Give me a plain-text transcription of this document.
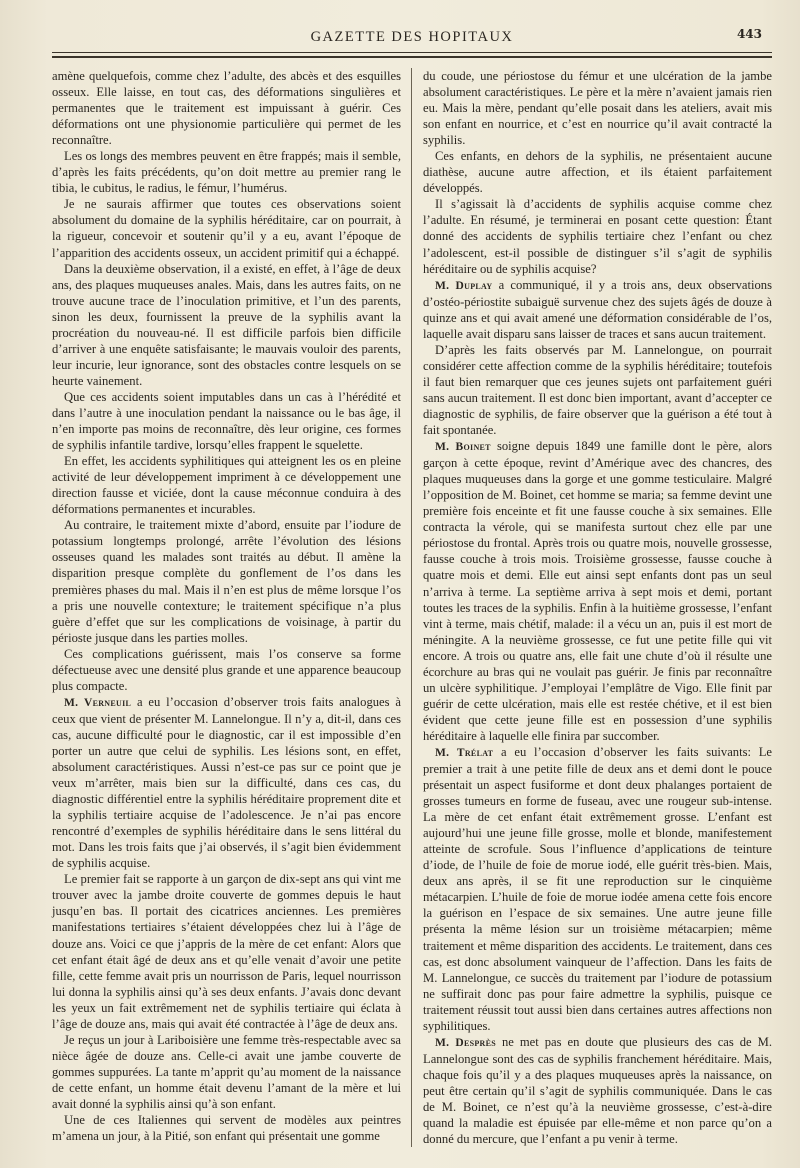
GAZETTE DES HOPITAUX	443

amène quelquefois, comme chez l’adulte, des abcès et des esquilles osseux. Elle laisse, en tout cas, des déformations singulières et permanentes que le traitement est impuissant à guérir. Ces déformations ont une physionomie particulière qui permet de les reconnaître.

Les os longs des membres peuvent en être frappés; mais il semble, d’après les faits précédents, qu’on doit mettre au premier rang le tibia, le cubitus, le radius, le fémur, l’humérus.

Je ne saurais affirmer que toutes ces observations soient absolument du domaine de la syphilis héréditaire, car on pourrait, à la rigueur, concevoir et soutenir qu’il y a eu, avant l’époque de l’apparition des accidents osseux, un accident primitif qui a échappé.

Dans la deuxième observation, il a existé, en effet, à l’âge de deux ans, des plaques muqueuses anales. Mais, dans les autres faits, on ne trouve aucune trace de l’inoculation primitive, et l’un des parents, sinon les deux, fournissent la preuve de la syphilis avant la procréation du nouveau-né. Il est difficile parfois bien difficile d’arriver à une enquête satisfaisante; le mauvais vouloir des parents, leur incurie, leur ignorance, sont des obstacles contre lesquels on se heurte vainement.

Que ces accidents soient imputables dans un cas à l’hérédité et dans l’autre à une inoculation pendant la naissance ou le bas âge, il n’en importe pas moins de reconnaître, dès leur origine, ces formes de syphilis infantile tardive, lorsqu’elles frappent le squelette.

En effet, les accidents syphilitiques qui atteignent les os en pleine activité de leur développement impriment à ce développement une direction fausse et viciée, dont la cause méconnue conduira à des déformations permanentes et incurables.

Au contraire, le traitement mixte d’abord, ensuite par l’iodure de potassium longtemps prolongé, arrête l’évolution des lésions osseuses quand les malades sont traités au début. Il amène la disparition presque complète du gonflement de l’os dans les premières phases du mal. Mais il n’en est plus de même lorsque l’os a pris une nouvelle contexture; le traitement spécifique n’a plus guère d’effet que sur les complications de voisinage, à partir du périoste jusque dans les parties molles.

Ces complications guérissent, mais l’os conserve sa forme défectueuse avec une densité plus grande et une apparence beaucoup plus compacte.

M. Verneuil a eu l’occasion d’observer trois faits analogues à ceux que vient de présenter M. Lannelongue. Il n’y a, dit-il, dans ces cas, aucune difficulté pour le diagnostic, car il est impossible d’en porter un autre que celui de syphilis. Les lésions sont, en effet, absolument caractéristiques. Aussi n’est-ce pas sur ce point que je veux m’arrêter, mais bien sur la difficulté, dans ces cas, du diagnostic différentiel entre la syphilis héréditaire proprement dite et la syphilis tertiaire acquise de l’adolescence. Je n’ai pas encore rencontré d’exemples de syphilis héréditaire dans le sens littéral du mot. Dans les trois faits que j’ai observés, il s’agit bien évidemment de syphilis acquise.

Le premier fait se rapporte à un garçon de dix-sept ans qui vint me trouver avec la jambe droite couverte de gommes depuis le haut jusqu’en bas. Il portait des cicatrices anciennes. Les premières manifestations tertiaires s’étaient développées chez lui à l’âge de douze ans. Voici ce que j’appris de la mère de cet enfant: Alors que cet enfant était âgé de deux ans et qu’elle venait d’avoir une petite fille, cette femme avait pris un nourrisson de Paris, lequel nourrisson lui donna la syphilis ainsi qu’à ses deux enfants. J’avais donc devant les yeux un fait extrêmement net de syphilis tertiaire qui éclata à l’âge de douze ans, mais qui avait été contractée à l’âge de deux ans.

Je reçus un jour à Lariboisière une femme très-respectable avec sa nièce âgée de douze ans. Celle-ci avait une jambe couverte de gommes suppurées. La tante m’apprit qu’au moment de la naissance de cette enfant, un homme était devenu l’amant de la mère et lui avait donné la syphilis ainsi qu’à son enfant.

Une de ces Italiennes qui servent de modèles aux peintres m’amena un jour, à la Pitié, son enfant qui présentait une gomme

du coude, une périostose du fémur et une ulcération de la jambe absolument caractéristiques. Le père et la mère n’avaient jamais rien eu. Mais la mère, pendant qu’elle posait dans les ateliers, avait mis son enfant en nourrice, et c’est en nourrice qu’il avait contracté la syphilis.

Ces enfants, en dehors de la syphilis, ne présentaient aucune diathèse, aucune autre affection, et ils étaient parfaitement développés.

Il s’agissait là d’accidents de syphilis acquise comme chez l’adulte. En résumé, je terminerai en posant cette question: Étant donné des accidents de syphilis tertiaire chez l’enfant ou chez l’adolescent, est-il possible de distinguer s’il s’agit de syphilis héréditaire ou de syphilis acquise?

M. Duplay a communiqué, il y a trois ans, deux observations d’ostéo-périostite subaiguë survenue chez des sujets âgés de douze à quinze ans et qui avait amené une déformation considérable de l’os, laquelle avait disparu sans laisser de traces et sans aucun traitement.

D’après les faits observés par M. Lannelongue, on pourrait considérer cette affection comme de la syphilis héréditaire; toutefois il faut bien remarquer que ces jeunes sujets ont parfaitement guéri sans aucun traitement. Il est donc bien important, avant d’accepter ce diagnostic de syphilis, de faire observer que la guérison a été tout à fait spontanée.

M. Boinet soigne depuis 1849 une famille dont le père, alors garçon à cette époque, revint d’Amérique avec des chancres, des plaques muqueuses dans la gorge et une gomme testiculaire. Malgré l’opposition de M. Boinet, cet homme se maria; sa femme devint une première fois enceinte et fit une fausse couche à six semaines. Elle contracta la vérole, qui se manifesta surtout chez elle par une périostose du frontal. Après trois ou quatre mois, nouvelle grossesse, fausse couche à trois mois. Troisième grossesse, fausse couche à quatre mois et demi. Elle eut ainsi sept enfants dont pas un seul n’arriva à terme. La septième arriva à sept mois et demi, portant toutes les traces de la syphilis. Enfin à la huitième grossesse, l’enfant vint à terme, mais chétif, malade: il a vécu un an, puis il est mort de méningite. A la neuvième grossesse, ce fut une petite fille qui vit encore. A trois ou quatre ans, elle fait une chute d’où il résulte une écorchure au bras qui ne voulait pas guérir. Je finis par reconnaître un ulcère syphilitique. J’employai l’emplâtre de Vigo. Elle finit par guérir de cette ulcération, mais elle est restée chétive, et il est bien évident que cette jeune fille est en possession d’une syphilis héréditaire à laquelle elle finira par succomber.

M. Trélat a eu l’occasion d’observer les faits suivants: Le premier a trait à une petite fille de deux ans et demi dont le pouce présentait un aspect fusiforme et dont deux phalanges portaient de grosses tumeurs en forme de fuseau, avec une rougeur sub-intense. La mère de cet enfant était extrêmement grosse. L’enfant est aujourd’hui une jeune fille grosse, molle et blonde, manifestement atteinte de scrofule. Sous l’influence d’applications de teinture d’iode, de l’huile de foie de morue iodé, elle guérit très-bien. Mais, deux ans après, il se fit une reproduction sur le cinquième métacarpien. L’huile de foie de morue iodée amena cette fois encore la guérison en l’espace de six semaines. Une autre jeune fille présenta la même lésion sur un troisième métacarpien; même traitement et même disparition des accidents. Le traitement, dans ces cas, est donc absolument vainqueur de l’affection. Dans les faits de M. Lannelongue, ce succès du traitement par l’iodure de potassium ne suffirait donc pas pour faire admettre la syphilis, puisque ce traitement réussit tout aussi bien dans certaines autres affections non syphilitiques.

M. Desprès ne met pas en doute que plusieurs des cas de M. Lannelongue sont des cas de syphilis franchement héréditaire. Mais, chaque fois qu’il y a des plaques muqueuses après la naissance, on peut être certain qu’il s’agit de syphilis communiquée. Dans le cas de M. Boinet, ce n’est qu’à la neuvième grossesse, c’est-à-dire quand la maladie est épuisée par elle-même et non parce qu’on a donné du mercure, que l’enfant a pu venir à terme.
